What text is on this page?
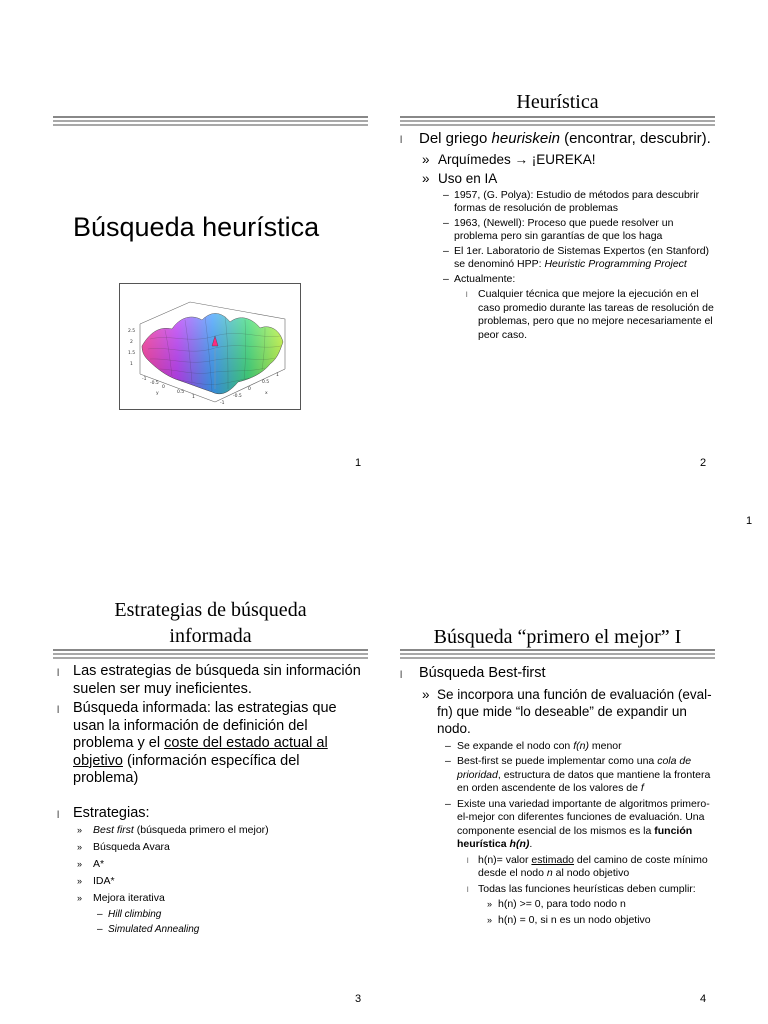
Búsqueda heurística
2.5
2
1.5
1
-1
-0.5
0
0.5
1
y
-1
-0.5
0
0.5
1
x
1
Heurística
l Del griego heuriskein (encontrar, descubrir).
» Arquímedes → ¡EUREKA!
» Uso en IA
– 1957, (G. Polya): Estudio de métodos para descubrir formas de resolución de problemas
– 1963, (Newell): Proceso que puede resolver un problema pero sin garantías de que los haga
– El 1er. Laboratorio de Sistemas Expertos (en Stanford) se denominó HPP: Heuristic Programming Project
– Actualmente:
l Cualquier técnica que mejore la ejecución en el caso promedio durante las tareas de resolución de problemas, pero que no mejore necesariamente el peor caso.
2
1
Estrategias de búsqueda
informada
l Las estrategias de búsqueda sin información suelen ser muy ineficientes.
l Búsqueda informada: las estrategias que usan la información de definición del problema y el coste del estado actual al objetivo (información específica del problema)
l Estrategias:
» Best first (búsqueda primero el mejor)
» Búsqueda Avara
» A*
» IDA*
» Mejora iterativa
– Hill climbing
– Simulated Annealing
3
Búsqueda “primero el mejor” I
l Búsqueda Best-first
» Se incorpora una función de evaluación (eval-fn) que mide “lo deseable” de expandir un nodo.
– Se expande el nodo con f(n) menor
– Best-first se puede implementar como una cola de prioridad, estructura de datos que mantiene la frontera en orden ascendente de los valores de f
– Existe una variedad importante de algoritmos primero-el-mejor con diferentes funciones de evaluación. Una componente esencial de los mismos es la función heurística h(n).
l h(n)= valor estimado del camino de coste mínimo desde el nodo n al nodo objetivo
l Todas las funciones heurísticas deben cumplir:
» h(n) >= 0, para todo nodo n
» h(n) = 0, si n es un nodo objetivo
4
